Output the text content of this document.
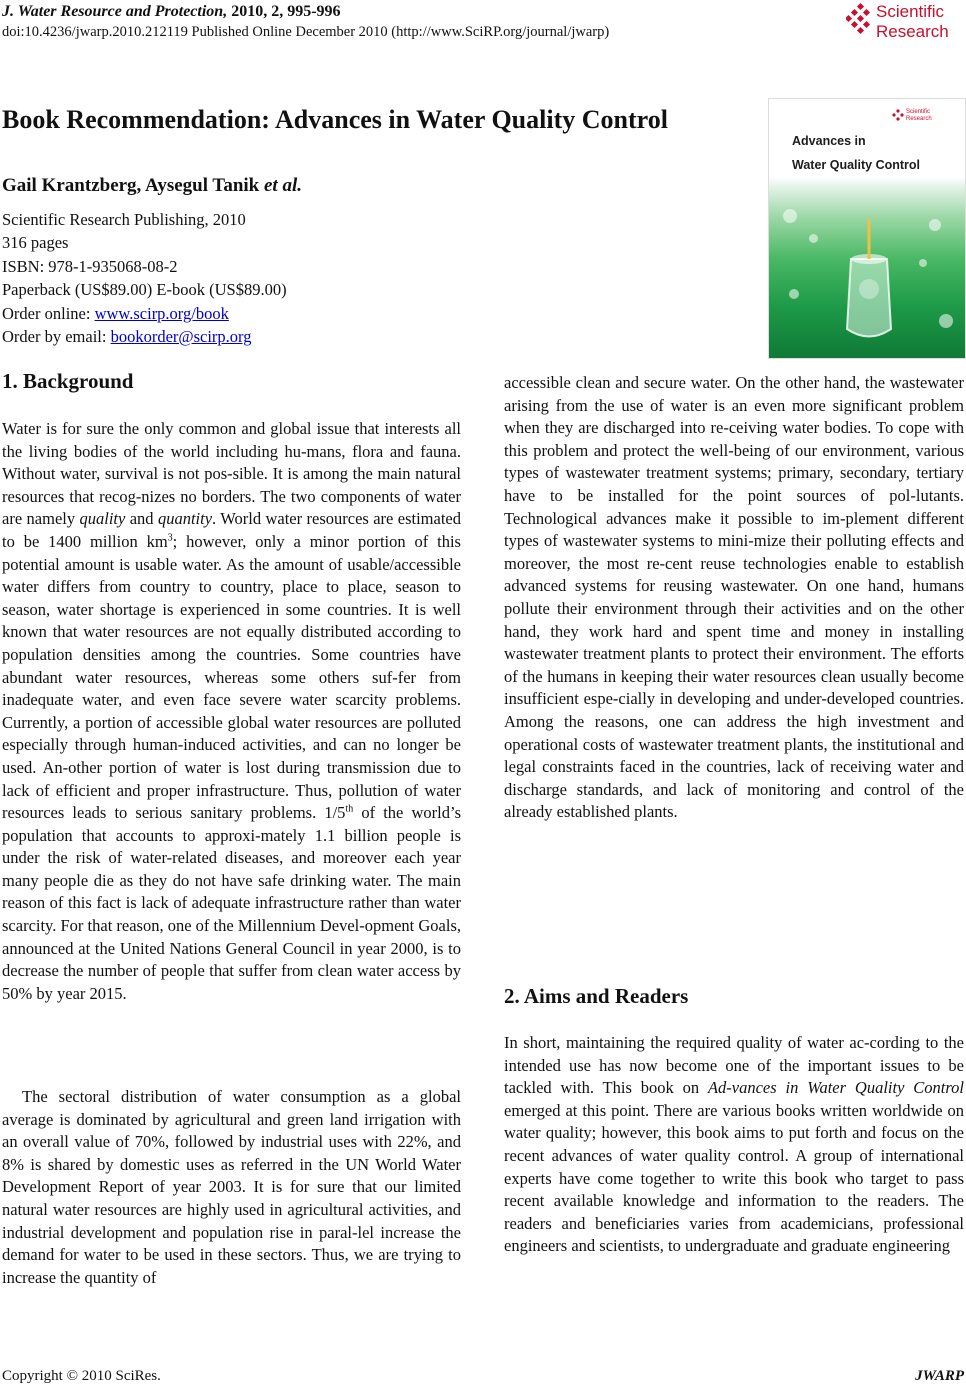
J. Water Resource and Protection, 2010, 2, 995-996
doi:10.4236/jwarp.2010.212119 Published Online December 2010 (http://www.SciRP.org/journal/jwarp)
Scientific
Research
Book Recommendation: Advances in Water Quality Control
Gail Krantzberg, Aysegul Tanik et al.
Scientific Research Publishing, 2010
316 pages
ISBN: 978-1-935068-08-2
Paperback (US$89.00) E-book (US$89.00)
Order online: www.scirp.org/book
Order by email: bookorder@scirp.org
Scientific
Research
Advances in
Water Quality Control
1. Background
Water is for sure the only common and global issue that interests all the living bodies of the world including hu-mans, flora and fauna. Without water, survival is not pos-sible. It is among the main natural resources that recog-nizes no borders. The two components of water are namely quality and quantity. World water resources are estimated to be 1400 million $km^3$; however, only a minor portion of this potential amount is usable water. As the amount of usable/accessible water differs from country to country, place to place, season to season, water shortage is experienced in some countries. It is well known that water resources are not equally distributed according to population densities among the countries. Some countries have abundant water resources, whereas some others suf-fer from inadequate water, and even face severe water scarcity problems. Currently, a portion of accessible global water resources are polluted especially through human-induced activities, and can no longer be used. An-other portion of water is lost during transmission due to lack of efficient and proper infrastructure. Thus, pollution of water resources leads to serious sanitary problems. 1/5th of the world’s population that accounts to approxi-mately 1.1 billion people is under the risk of water-related diseases, and moreover each year many people die as they do not have safe drinking water. The main reason of this fact is lack of adequate infrastructure rather than water scarcity. For that reason, one of the Millennium Devel-opment Goals, announced at the United Nations General Council in year 2000, is to decrease the number of people that suffer from clean water access by 50% by year 2015.
The sectoral distribution of water consumption as a global average is dominated by agricultural and green land irrigation with an overall value of 70%, followed by industrial uses with 22%, and 8% is shared by domestic uses as referred in the UN World Water Development Report of year 2003. It is for sure that our limited natural water resources are highly used in agricultural activities, and industrial development and population rise in paral-lel increase the demand for water to be used in these sectors. Thus, we are trying to increase the quantity of
accessible clean and secure water. On the other hand, the wastewater arising from the use of water is an even more significant problem when they are discharged into re-ceiving water bodies. To cope with this problem and protect the well-being of our environment, various types of wastewater treatment systems; primary, secondary, tertiary have to be installed for the point sources of pol-lutants. Technological advances make it possible to im-plement different types of wastewater systems to mini-mize their polluting effects and moreover, the most re-cent reuse technologies enable to establish advanced systems for reusing wastewater. On one hand, humans pollute their environment through their activities and on the other hand, they work hard and spent time and money in installing wastewater treatment plants to protect their environment. The efforts of the humans in keeping their water resources clean usually become insufficient espe-cially in developing and under-developed countries. Among the reasons, one can address the high investment and operational costs of wastewater treatment plants, the institutional and legal constraints faced in the countries, lack of receiving water and discharge standards, and lack of monitoring and control of the already established plants.
2. Aims and Readers
In short, maintaining the required quality of water ac-cording to the intended use has now become one of the important issues to be tackled with. This book on Ad-vances in Water Quality Control emerged at this point. There are various books written worldwide on water quality; however, this book aims to put forth and focus on the recent advances of water quality control. A group of international experts have come together to write this book who target to pass recent available knowledge and information to the readers. The readers and beneficiaries varies from academicians, professional engineers and scientists, to undergraduate and graduate engineering
Copyright © 2010 SciRes.	JWARP
